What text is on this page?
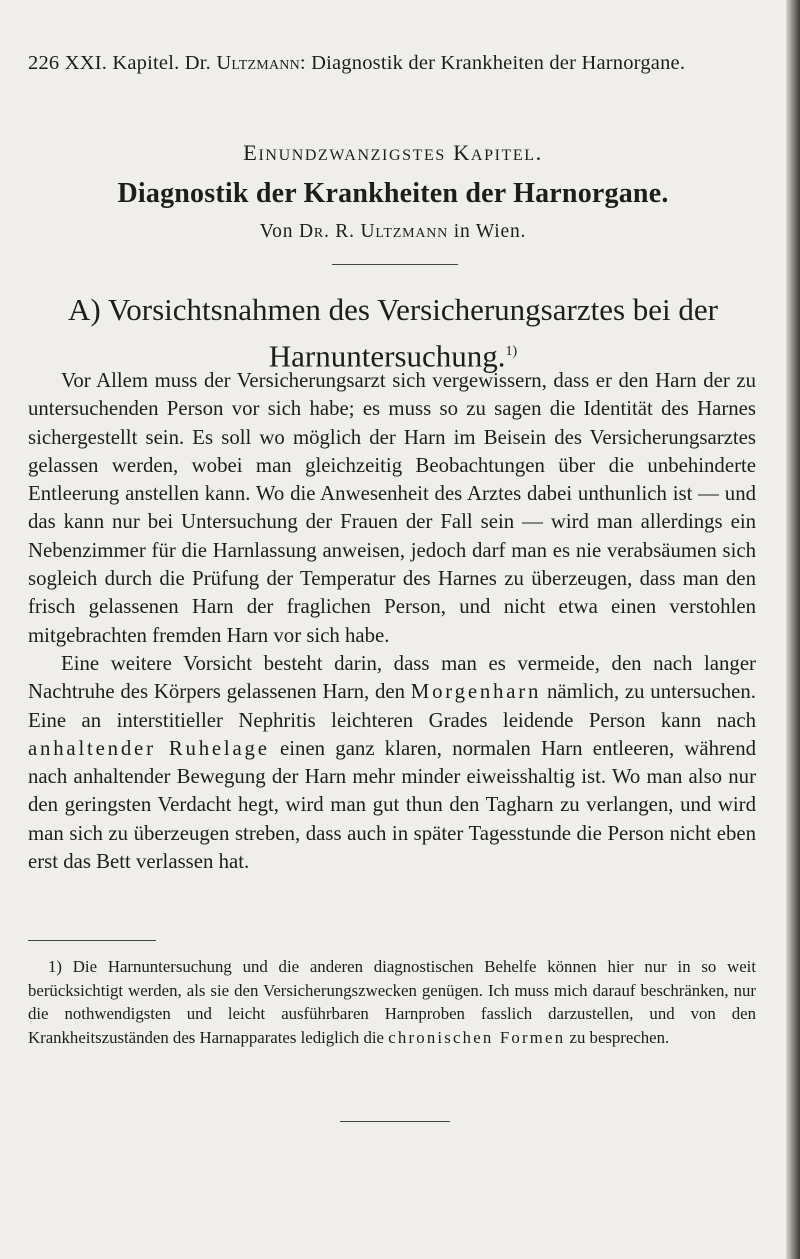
226 XXI. Kapitel. Dr. Ultzmann: Diagnostik der Krankheiten der Harnorgane.
Einundzwanzigstes Kapitel.
Diagnostik der Krankheiten der Harnorgane.
Von Dr. R. Ultzmann in Wien.
A) Vorsichtsnahmen des Versicherungsarztes bei der
Harnuntersuchung.$^{1)}$

Vor Allem muss der Versicherungsarzt sich vergewissern, dass er den Harn der zu untersuchenden Person vor sich habe; es muss so zu sagen die Identität des Harnes sichergestellt sein. Es soll wo möglich der Harn im Beisein des Versicherungsarztes gelassen werden, wobei man gleichzeitig Beobachtungen über die unbehinderte Entleerung anstellen kann. Wo die Anwesenheit des Arztes dabei unthunlich ist — und das kann nur bei Untersuchung der Frauen der Fall sein — wird man allerdings ein Nebenzimmer für die Harnlassung anweisen, jedoch darf man es nie verabsäumen sich sogleich durch die Prüfung der Temperatur des Harnes zu überzeugen, dass man den frisch gelassenen Harn der fraglichen Person, und nicht etwa einen verstohlen mitgebrachten fremden Harn vor sich habe.

Eine weitere Vorsicht besteht darin, dass man es vermeide, den nach langer Nachtruhe des Körpers gelassenen Harn, den Morgenharn nämlich, zu untersuchen. Eine an interstitieller Nephritis leichteren Grades leidende Person kann nach anhaltender Ruhelage einen ganz klaren, normalen Harn entleeren, während nach anhaltender Bewegung der Harn mehr minder eiweisshaltig ist. Wo man also nur den geringsten Verdacht hegt, wird man gut thun den Tagharn zu verlangen, und wird man sich zu überzeugen streben, dass auch in später Tagesstunde die Person nicht eben erst das Bett verlassen hat.

1) Die Harnuntersuchung und die anderen diagnostischen Behelfe können hier nur in so weit berücksichtigt werden, als sie den Versicherungszwecken genügen. Ich muss mich darauf beschränken, nur die nothwendigsten und leicht ausführbaren Harnproben fasslich darzustellen, und von den Krankheitszuständen des Harnapparates lediglich die chronischen Formen zu besprechen.
